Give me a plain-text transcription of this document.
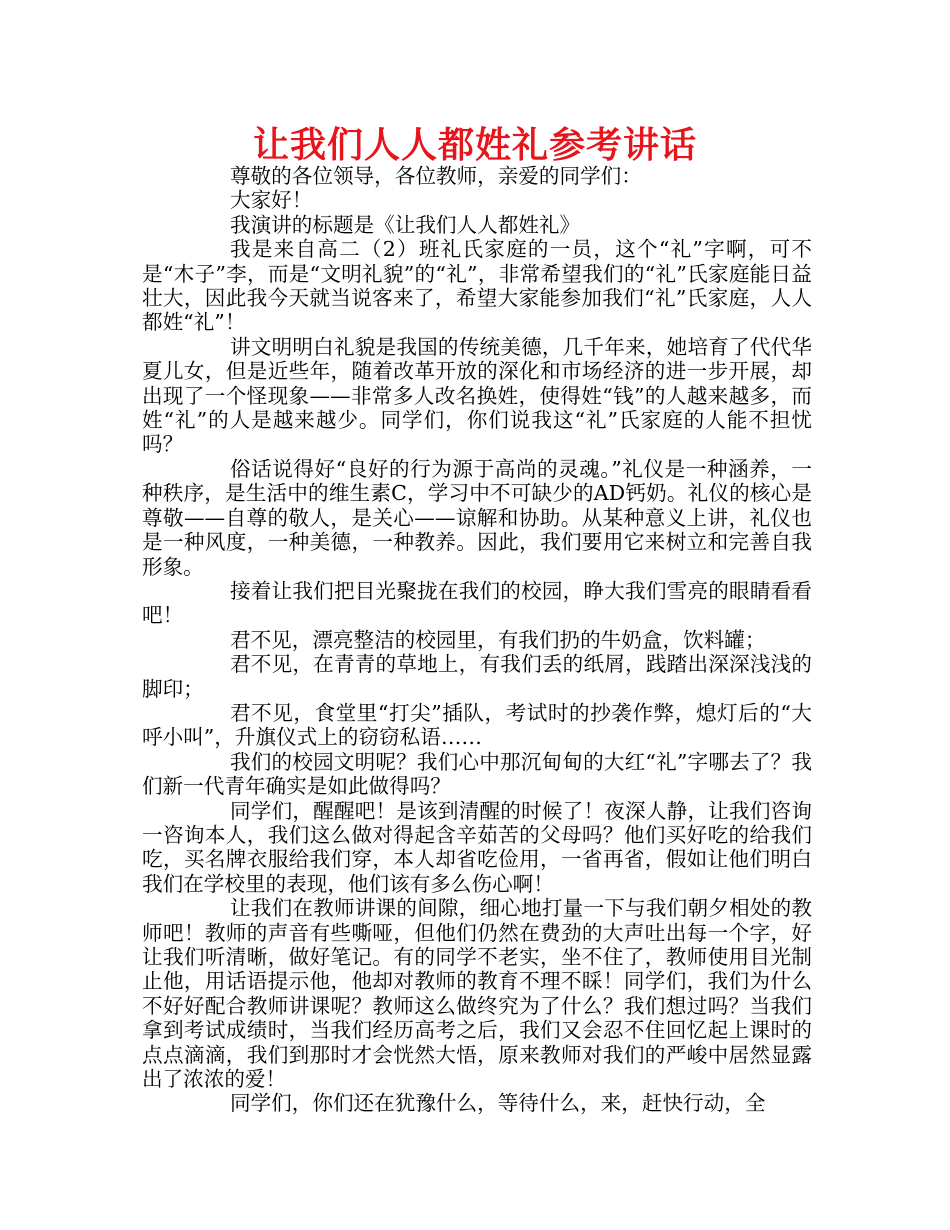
让我们人人都姓礼参考讲话

尊敬的各位领导，各位教师，亲爱的同学们：

大家好！

我演讲的标题是《让我们人人都姓礼》

我是来自高二（2）班礼氏家庭的一员，这个“礼”字啊，可不是“木子”李，而是“文明礼貌”的“礼”，非常希望我们的“礼”氏家庭能日益壮大，因此我今天就当说客来了，希望大家能参加我们“礼”氏家庭，人人都姓“礼”！

讲文明明白礼貌是我国的传统美德，几千年来，她培育了代代华夏儿女，但是近些年，随着改革开放的深化和市场经济的进一步开展，却出现了一个怪现象——非常多人改名换姓，使得姓“钱”的人越来越多，而姓“礼”的人是越来越少。同学们，你们说我这“礼”氏家庭的人能不担忧吗？

俗话说得好“良好的行为源于高尚的灵魂。”礼仪是一种涵养，一种秩序，是生活中的维生素C，学习中不可缺少的AD钙奶。礼仪的核心是尊敬——自尊的敬人，是关心——谅解和协助。从某种意义上讲，礼仪也是一种风度，一种美德，一种教养。因此，我们要用它来树立和完善自我形象。

接着让我们把目光聚拢在我们的校园，睁大我们雪亮的眼睛看看吧！

君不见，漂亮整洁的校园里，有我们扔的牛奶盒，饮料罐；

君不见，在青青的草地上，有我们丢的纸屑，践踏出深深浅浅的脚印；

君不见，食堂里“打尖”插队，考试时的抄袭作弊，熄灯后的“大呼小叫”，升旗仪式上的窃窃私语……

我们的校园文明呢？我们心中那沉甸甸的大红“礼”字哪去了？我们新一代青年确实是如此做得吗？

同学们，醒醒吧！是该到清醒的时候了！夜深人静，让我们咨询一咨询本人，我们这么做对得起含辛茹苦的父母吗？他们买好吃的给我们吃，买名牌衣服给我们穿，本人却省吃俭用，一省再省，假如让他们明白我们在学校里的表现，他们该有多么伤心啊！

让我们在教师讲课的间隙，细心地打量一下与我们朝夕相处的教师吧！教师的声音有些嘶哑，但他们仍然在费劲的大声吐出每一个字，好让我们听清晰，做好笔记。有的同学不老实，坐不住了，教师使用目光制止他，用话语提示他，他却对教师的教育不理不睬！同学们，我们为什么不好好配合教师讲课呢？教师这么做终究为了什么？我们想过吗？当我们拿到考试成绩时，当我们经历高考之后，我们又会忍不住回忆起上课时的点点滴滴，我们到那时才会恍然大悟，原来教师对我们的严峻中居然显露出了浓浓的爱！

同学们，你们还在犹豫什么，等待什么，来，赶快行动，全
